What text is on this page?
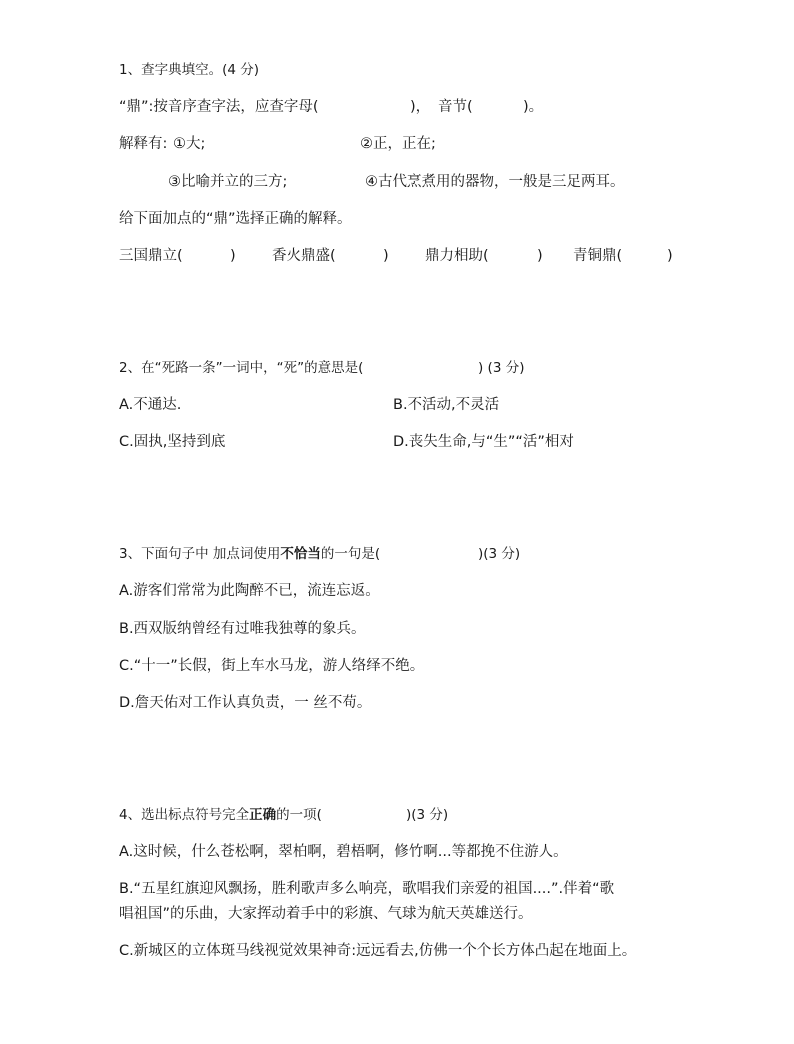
1、查字典填空。(4 分)
“鼎”:按音序查字法，应查字母(	)， 音节(	)。
解释有: ①大;	②正，正在;
③比喻并立的三方;	④古代烹煮用的器物，一般是三足两耳。
给下面加点的“鼎”选择正确的解释。
三国鼎立(	)	香火鼎盛(	)	鼎力相助(	) 青铜鼎(	)
2、在“死路一条”一词中，“死”的意思是(	) (3 分)
A.不通达.	B.不活动,不灵活
C.固执,坚持到底	D.丧失生命,与“生”“活”相对
3、下面句子中 加点词使用不恰当的一句是(	)(3 分)
A.游客们常常为此陶醉不已，流连忘返。
B.西双版纳曾经有过唯我独尊的象兵。
C.“十一”长假，街上车水马龙，游人络绎不绝。
D.詹天佑对工作认真负责，一 丝不苟。
4、选出标点符号完全正确的一项(	)(3 分)
A.这时候，什么苍松啊，翠柏啊，碧梧啊，修竹啊...等都挽不住游人。
B.“五星红旗迎风飘扬，胜利歌声多么响亮，歌唱我们亲爱的祖国....”.伴着“歌
唱祖国”的乐曲，大家挥动着手中的彩旗、气球为航天英雄送行。
C.新城区的立体斑马线视觉效果神奇:远远看去,仿佛一个个长方体凸起在地面上。
